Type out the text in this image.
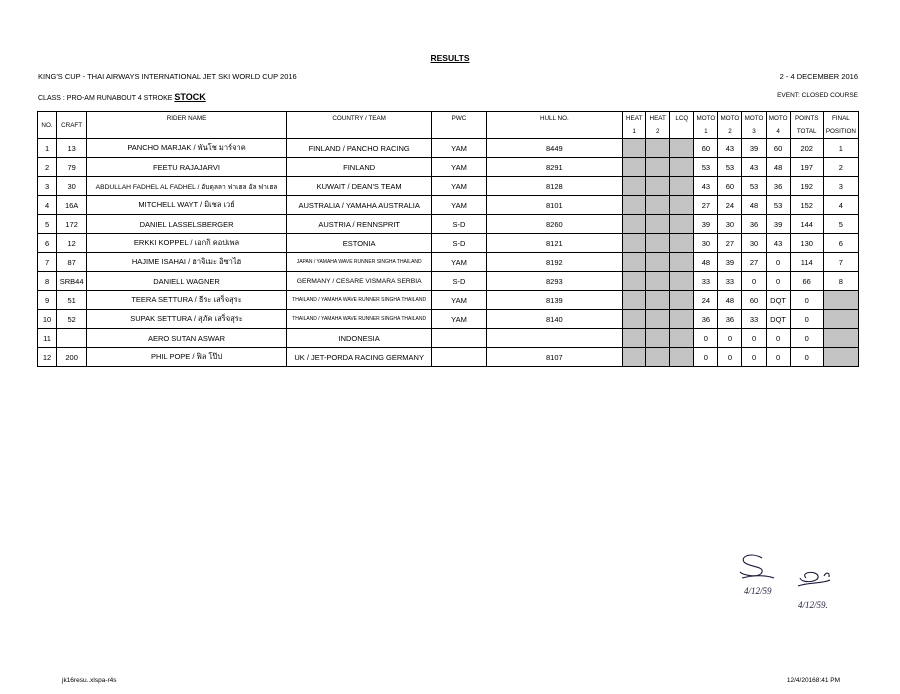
RESULTS
KING'S CUP - THAI AIRWAYS INTERNATIONAL JET SKI WORLD CUP 2016	2 - 4 DECEMBER 2016
CLASS : PRO-AM RUNABOUT 4 STROKE STOCK	EVENT: CLOSED COURSE
NO.	CRAFT	RIDER NAME	COUNTRY / TEAM	PWC	HULL NO.	HEAT	HEAT	LCQ	MOTO	MOTO	MOTO	MOTO	POINTS	FINAL
						1	2		1	2	3	4	TOTAL	POSITION
1	13	PANCHO MARJAK / พันโช มาร์จาค	FINLAND / PANCHO RACING	YAM	8449				60	43	39	60	202	1
2	79	FEETU RAJAJARVI	FINLAND	YAM	8291				53	53	43	48	197	2
3	30	ABDULLAH FADHEL AL FADHEL / อับดุลลา ฟาเฮล อัล ฟาเฮล	KUWAIT / DEAN'S TEAM	YAM	8128				43	60	53	36	192	3
4	16A	MITCHELL WAYT / มิเชล เวย์	AUSTRALIA / YAMAHA AUSTRALIA	YAM	8101				27	24	48	53	152	4
5	172	DANIEL LASSELSBERGER	AUSTRIA / RENNSPRIT	S-D	8260				39	30	36	39	144	5
6	12	ERKKI KOPPEL / เอกกิ คอปเพล	ESTONIA	S-D	8121				30	27	30	43	130	6
7	87	HAJIME ISAHAI / ฮาจิเมะ อิซาไฮ	JAPAN / YAMAHA WAVE RUNNER SINGHA THAILAND	YAM	8192				48	39	27	0	114	7
8	SRB44	DANIELL WAGNER	GERMANY / CESARE VISMARA SERBIA	S-D	8293				33	33	0	0	66	8
9	51	TEERA SETTURA / ธีระ เสร็จสุระ	THAILAND / YAMAHA WAVE RUNNER SINGHA THAILAND	YAM	8139				24	48	60	DQT	0	
10	52	SUPAK SETTURA / สุภัค เสร็จสุระ	THAILAND / YAMAHA WAVE RUNNER SINGHA THAILAND	YAM	8140				36	36	33	DQT	0	
11		AERO SUTAN ASWAR	INDONESIA						0	0	0	0	0	
12	200	PHIL POPE / ฟิล โป๊ป	UK / JET-PORDA RACING GERMANY		8107				0	0	0	0	0	
4/12/59
4/12/59.
jk16resu..xlspa-r4s	12/4/20168:41 PM
